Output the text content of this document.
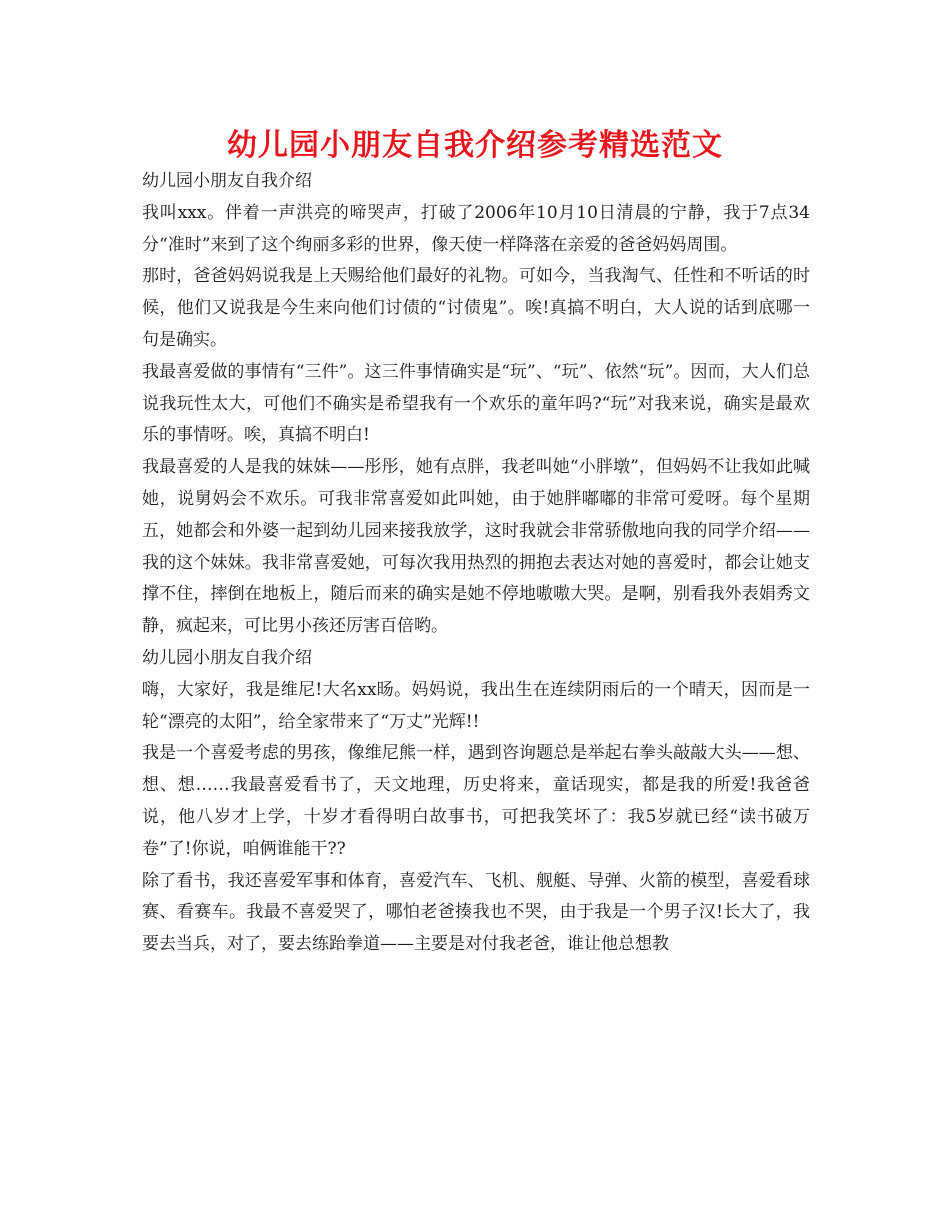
幼儿园小朋友自我介绍参考精选范文

幼儿园小朋友自我介绍

我叫xxx。伴着一声洪亮的啼哭声，打破了2006年10月10日清晨的宁静，我于7点34分“准时”来到了这个绚丽多彩的世界，像天使一样降落在亲爱的爸爸妈妈周围。

那时，爸爸妈妈说我是上天赐给他们最好的礼物。可如今，当我淘气、任性和不听话的时候，他们又说我是今生来向他们讨债的“讨债鬼”。唉!真搞不明白，大人说的话到底哪一句是确实。

我最喜爱做的事情有“三件”。这三件事情确实是“玩”、“玩”、依然“玩”。因而，大人们总说我玩性太大，可他们不确实是希望我有一个欢乐的童年吗?“玩”对我来说，确实是最欢乐的事情呀。唉，真搞不明白!

我最喜爱的人是我的妹妹——彤彤，她有点胖，我老叫她“小胖墩”，但妈妈不让我如此喊她，说舅妈会不欢乐。可我非常喜爱如此叫她，由于她胖嘟嘟的非常可爱呀。每个星期五，她都会和外婆一起到幼儿园来接我放学，这时我就会非常骄傲地向我的同学介绍——我的这个妹妹。我非常喜爱她，可每次我用热烈的拥抱去表达对她的喜爱时，都会让她支撑不住，摔倒在地板上，随后而来的确实是她不停地嗷嗷大哭。是啊，别看我外表娟秀文静，疯起来，可比男小孩还厉害百倍哟。

幼儿园小朋友自我介绍

嗨，大家好，我是维尼!大名xx旸。妈妈说，我出生在连续阴雨后的一个晴天，因而是一轮“漂亮的太阳”，给全家带来了“万丈”光辉!!

我是一个喜爱考虑的男孩，像维尼熊一样，遇到咨询题总是举起右拳头敲敲大头——想、想、想……我最喜爱看书了，天文地理，历史将来，童话现实，都是我的所爱!我爸爸说，他八岁才上学，十岁才看得明白故事书，可把我笑坏了：我5岁就已经“读书破万卷”了!你说，咱俩谁能干??

除了看书，我还喜爱军事和体育，喜爱汽车、飞机、舰艇、导弹、火箭的模型，喜爱看球赛、看赛车。我最不喜爱哭了，哪怕老爸揍我也不哭，由于我是一个男子汉!长大了，我要去当兵，对了，要去练跆拳道——主要是对付我老爸，谁让他总想教
